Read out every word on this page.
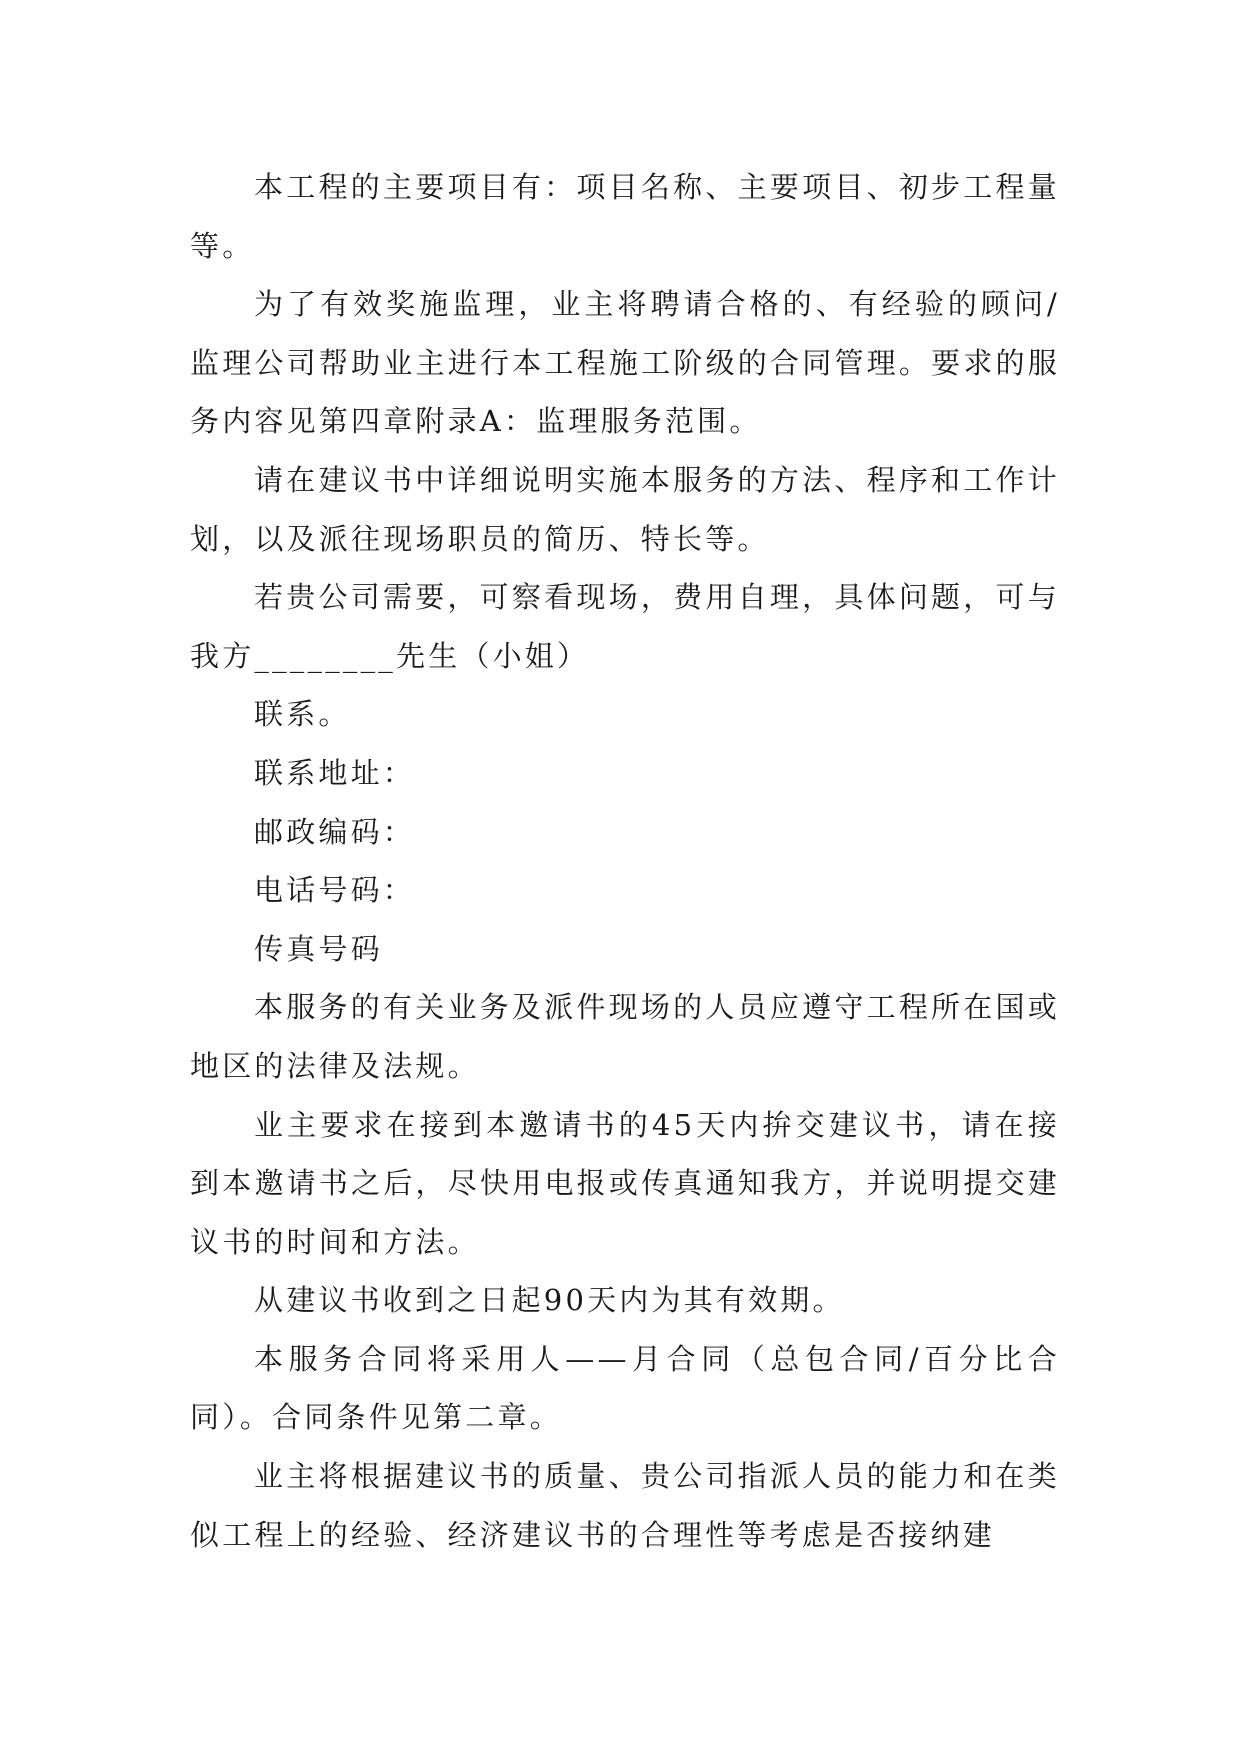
本工程的主要项目有：项目名称、主要项目、初步工程量等。

为了有效奖施监理，业主将聘请合格的、有经验的顾问/监理公司帮助业主进行本工程施工阶级的合同管理。要求的服务内容见第四章附录A：监理服务范围。

请在建议书中详细说明实施本服务的方法、程序和工作计划，以及派往现场职员的简历、特长等。

若贵公司需要，可察看现场，费用自理，具体问题，可与我方________先生（小姐）

联系。

联系地址：

邮政编码：

电话号码：

传真号码

本服务的有关业务及派件现场的人员应遵守工程所在国或地区的法律及法规。

业主要求在接到本邀请书的45天内拚交建议书，请在接到本邀请书之后，尽快用电报或传真通知我方，并说明提交建议书的时间和方法。

从建议书收到之日起90天内为其有效期。

本服务合同将采用人——月合同（总包合同/百分比合同）。合同条件见第二章。

业主将根据建议书的质量、贵公司指派人员的能力和在类似工程上的经验、经济建议书的合理性等考虑是否接纳建
